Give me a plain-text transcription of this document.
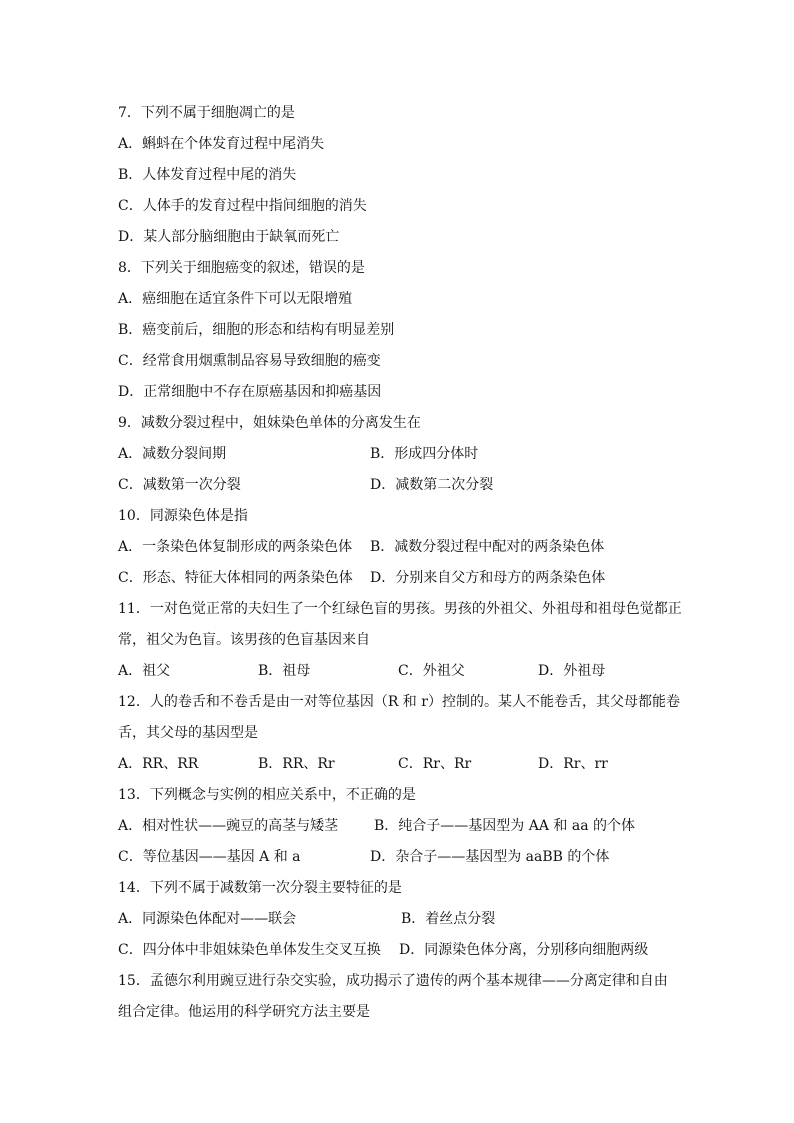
7．下列不属于细胞凋亡的是
A．蝌蚪在个体发育过程中尾消失
B．人体发育过程中尾的消失
C．人体手的发育过程中指间细胞的消失
D．某人部分脑细胞由于缺氧而死亡
8．下列关于细胞癌变的叙述，错误的是
A．癌细胞在适宜条件下可以无限增殖
B．癌变前后，细胞的形态和结构有明显差别
C．经常食用烟熏制品容易导致细胞的癌变
D．正常细胞中不存在原癌基因和抑癌基因
9．减数分裂过程中，姐妹染色单体的分离发生在
A．减数分裂间期	B．形成四分体时
C．减数第一次分裂	D．减数第二次分裂
10．同源染色体是指
A．一条染色体复制形成的两条染色体	B．减数分裂过程中配对的两条染色体
C．形态、特征大体相同的两条染色体	D．分别来自父方和母方的两条染色体
11．一对色觉正常的夫妇生了一个红绿色盲的男孩。男孩的外祖父、外祖母和祖母色觉都正
常，祖父为色盲。该男孩的色盲基因来自
A．祖父	B．祖母	C．外祖父	D．外祖母
12．人的卷舌和不卷舌是由一对等位基因（R 和 r）控制的。某人不能卷舌，其父母都能卷
舌，其父母的基因型是
A．RR、RR	B．RR、Rr	C．Rr、Rr	D．Rr、rr
13．下列概念与实例的相应关系中，不正确的是
A．相对性状——豌豆的高茎与矮茎	B．纯合子——基因型为 AA 和 aa 的个体
C．等位基因——基因 A 和 a	D．杂合子——基因型为 aaBB 的个体
14．下列不属于减数第一次分裂主要特征的是
A．同源染色体配对——联会	B．着丝点分裂
C．四分体中非姐妹染色单体发生交叉互换	D．同源染色体分离，分别移向细胞两级
15．孟德尔利用豌豆进行杂交实验，成功揭示了遗传的两个基本规律——分离定律和自由
组合定律。他运用的科学研究方法主要是
